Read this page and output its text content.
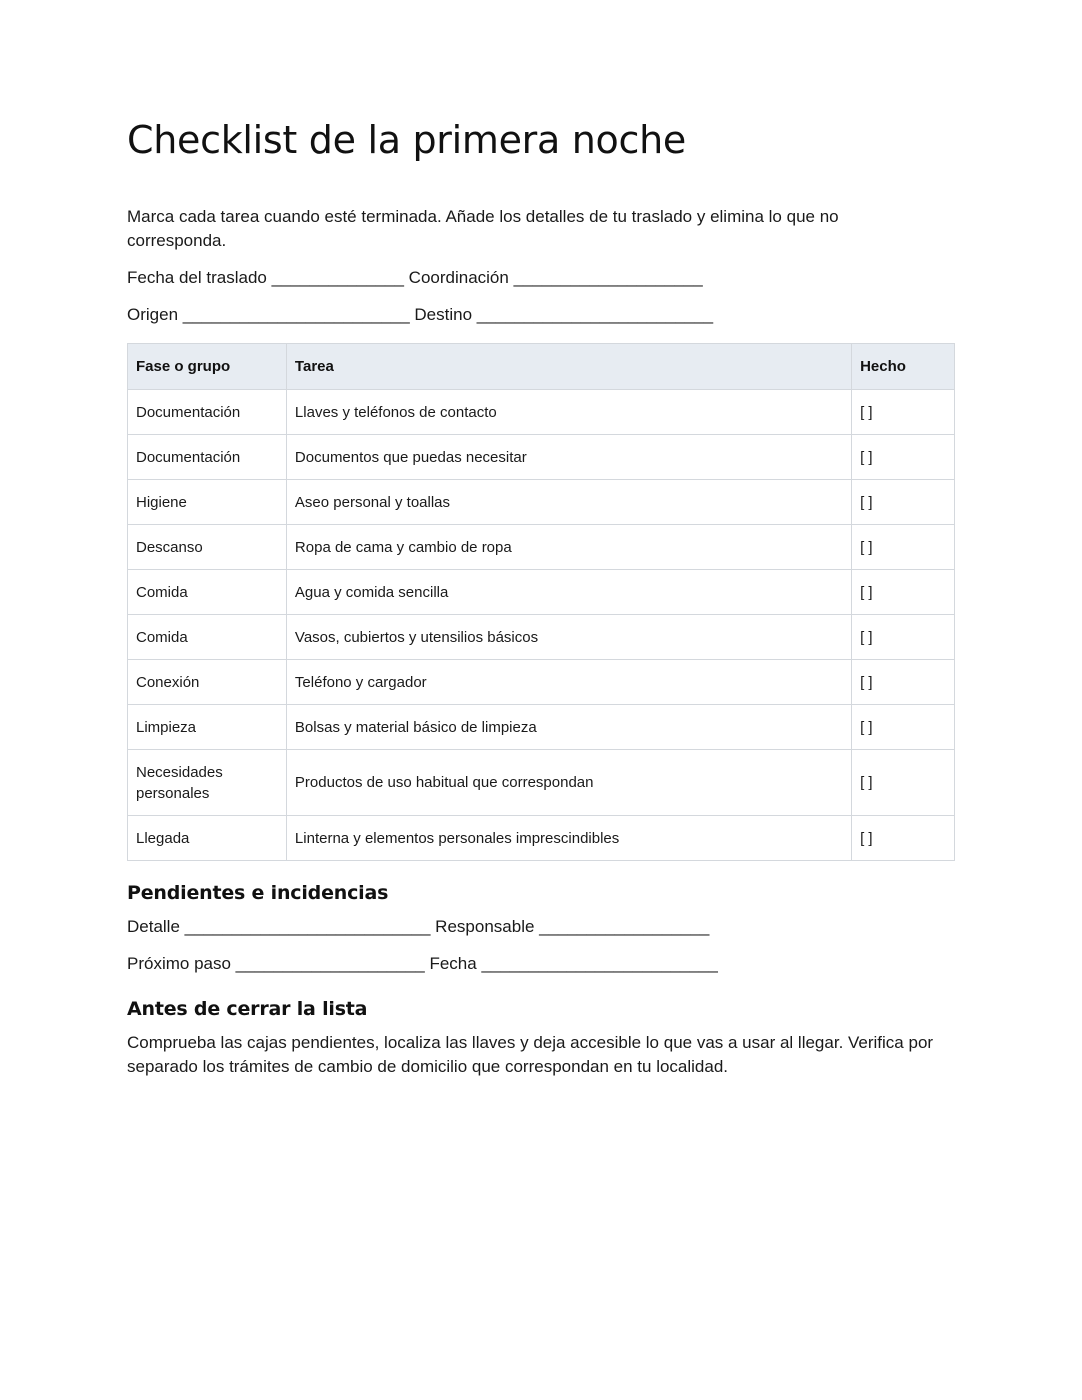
Checklist de la primera noche

Marca cada tarea cuando esté terminada. Añade los detalles de tu traslado y elimina lo que no corresponda.

Fecha del traslado ______________ Coordinación ____________________

Origen ________________________ Destino _________________________

Fase o grupo	Tarea	Hecho
Documentación	Llaves y teléfonos de contacto	[ ]
Documentación	Documentos que puedas necesitar	[ ]
Higiene	Aseo personal y toallas	[ ]
Descanso	Ropa de cama y cambio de ropa	[ ]
Comida	Agua y comida sencilla	[ ]
Comida	Vasos, cubiertos y utensilios básicos	[ ]
Conexión	Teléfono y cargador	[ ]
Limpieza	Bolsas y material básico de limpieza	[ ]
Necesidades personales	Productos de uso habitual que correspondan	[ ]
Llegada	Linterna y elementos personales imprescindibles	[ ]
Pendientes e incidencias

Detalle __________________________ Responsable __________________

Próximo paso ____________________ Fecha _________________________

Antes de cerrar la lista

Comprueba las cajas pendientes, localiza las llaves y deja accesible lo que vas a usar al llegar. Verifica por separado los trámites de cambio de domicilio que correspondan en tu localidad.
